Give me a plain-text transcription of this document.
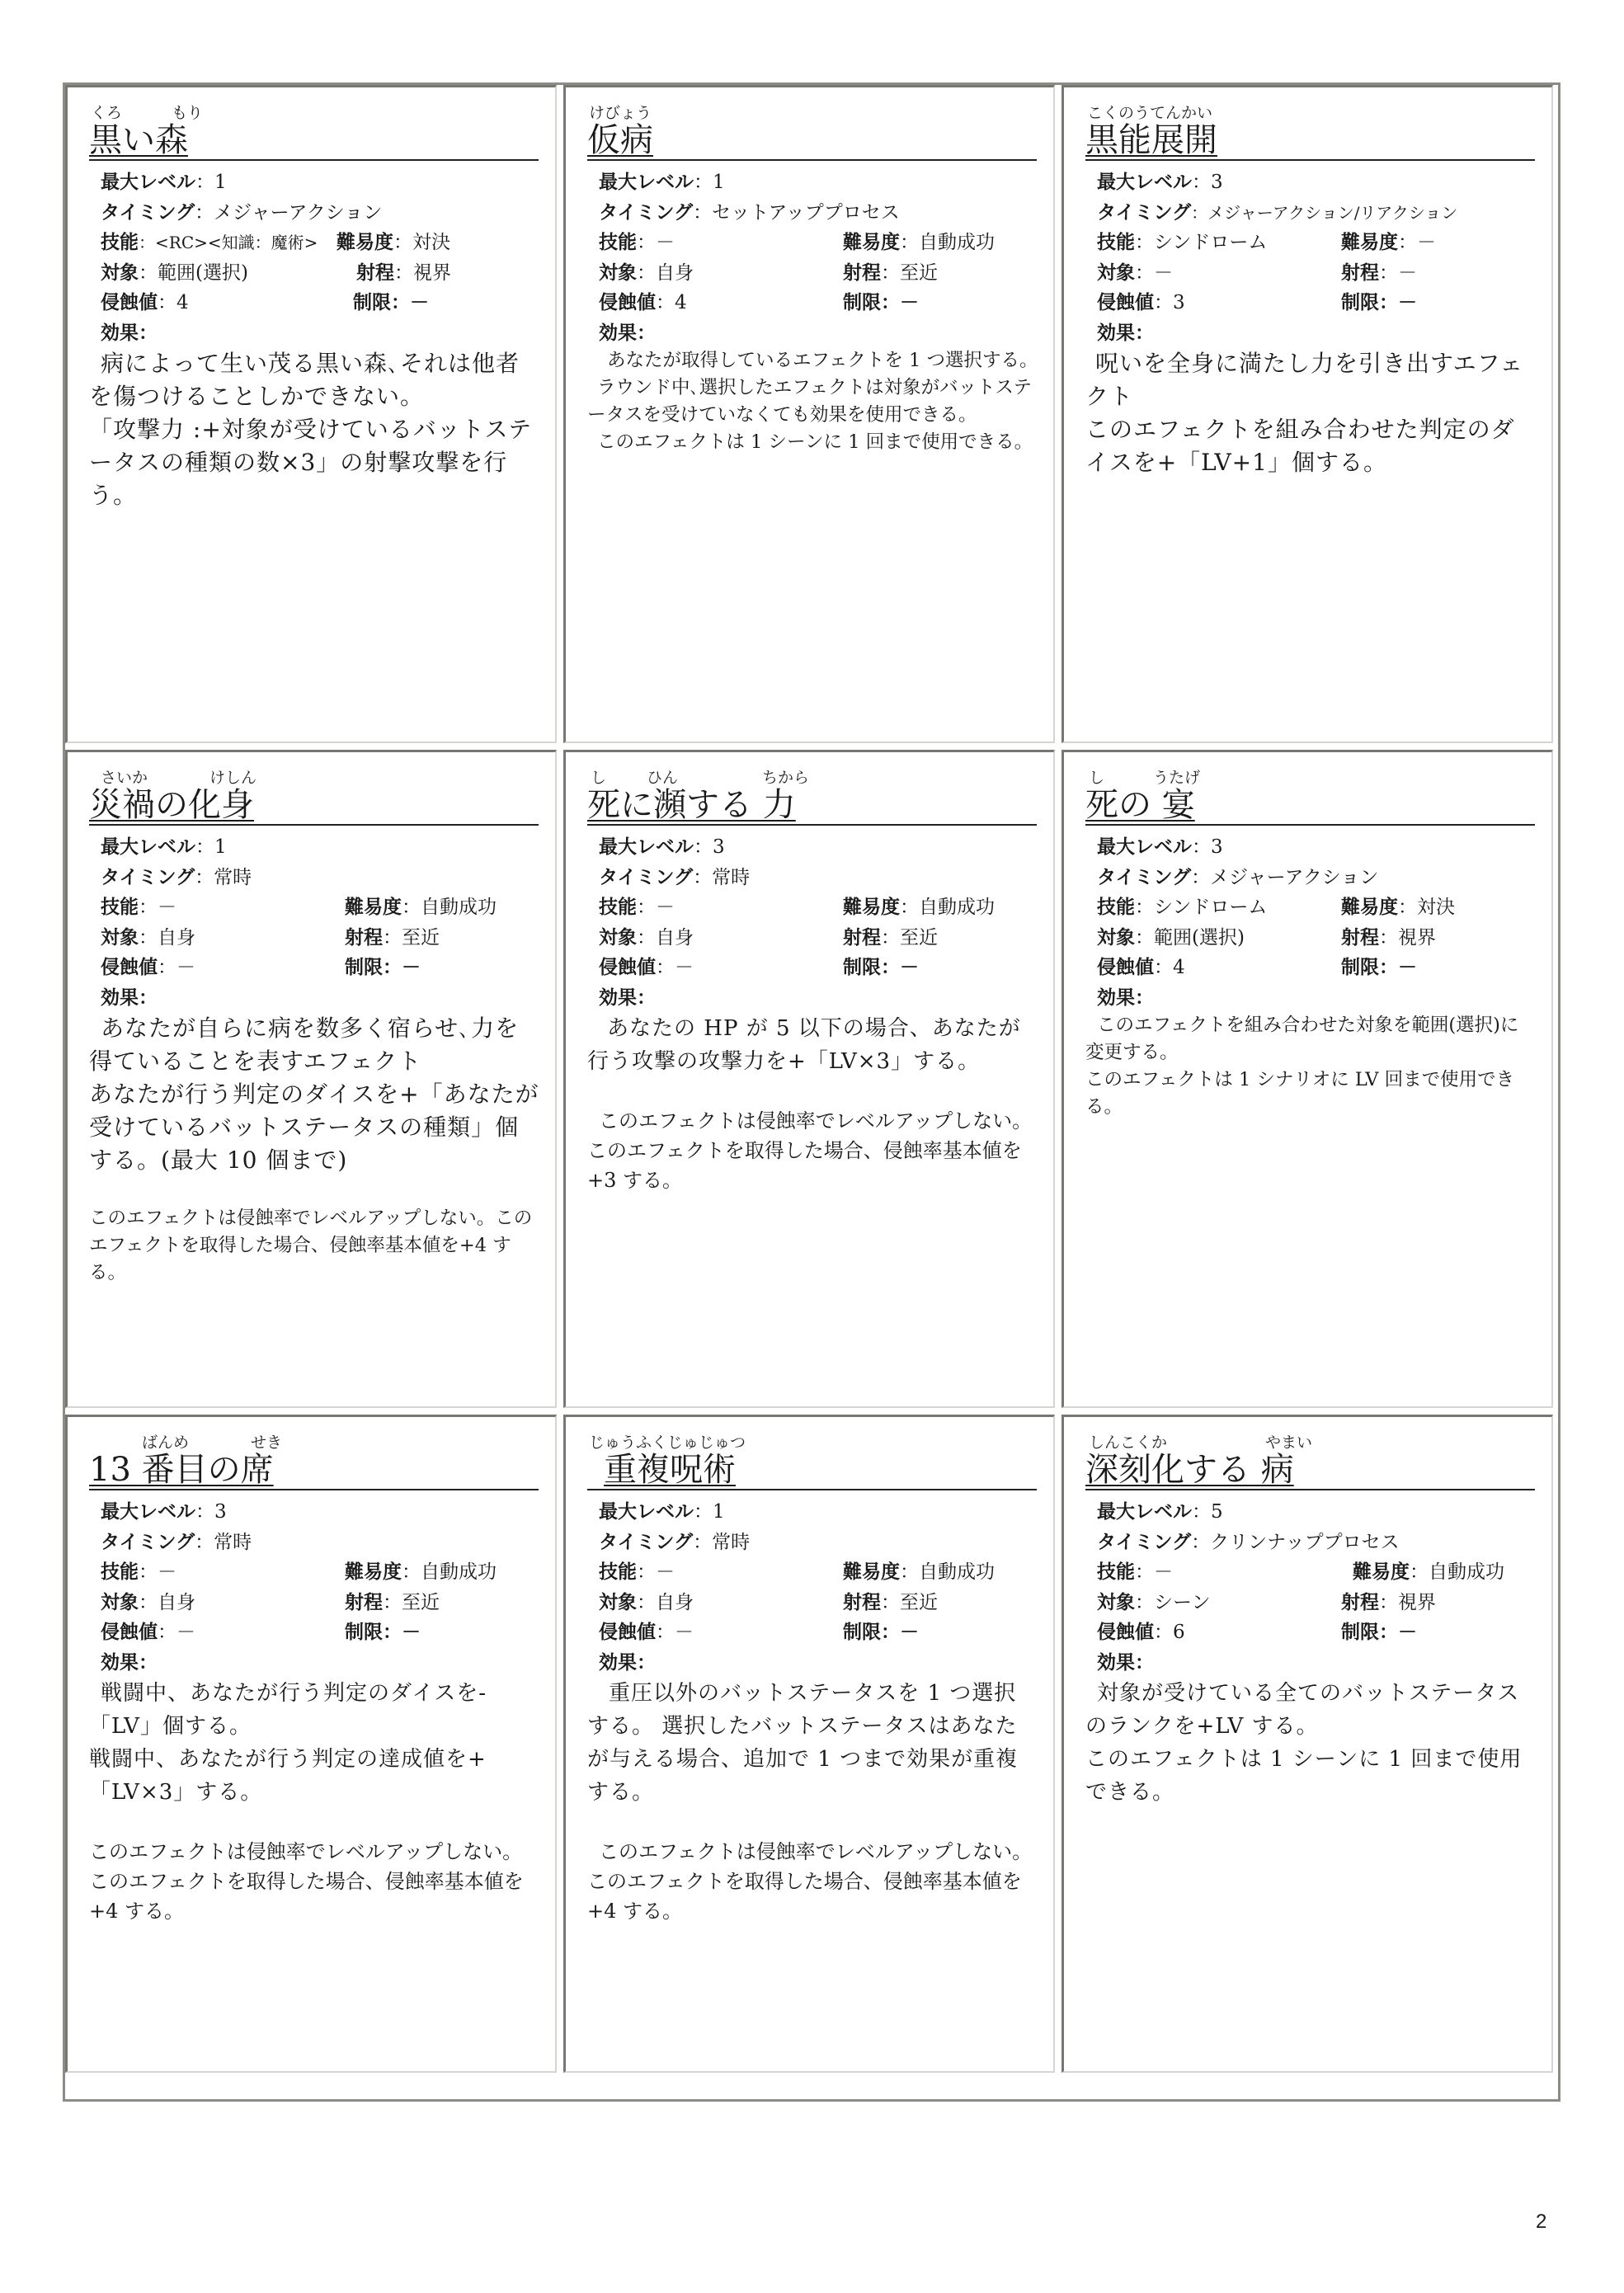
くろ	もり
黒い森
最大レベル：1
タイミング：メジャーアクション
技能：<RC><知識：魔術> 難易度：対決
対象：範囲(選択)	射程：視界
侵蝕値：4	制限：－
効果：

病によって生い茂る黒い森､それは他者を傷つけることしかできない。

「攻撃力 :+対象が受けているバットステータスの種類の数×3」の射撃攻撃を行う。

けびょう
仮病
最大レベル：1
タイミング：セットアッププロセス
技能：－	難易度：自動成功
対象：自身	射程：至近
侵蝕値：4	制限：－
効果：

あなたが取得しているエフェクトを 1 つ選択する。

ラウンド中､選択したエフェクトは対象がバットステータスを受けていなくても効果を使用できる。

このエフェクトは 1 シーンに 1 回まで使用できる。

こくのうてんかい
黒能展開
最大レベル：3
タイミング：メジャーアクション/リアクション
技能：シンドローム	難易度：－
対象：－	射程：－
侵蝕値：3	制限：－
効果：

呪いを全身に満たし力を引き出すエフェクト

このエフェクトを組み合わせた判定のダイスを+「LV+1」個する。

さいか	けしん
災禍の化身
最大レベル：1
タイミング：常時
技能：－	難易度：自動成功
対象：自身	射程：至近
侵蝕値：－	制限：－
効果：

あなたが自らに病を数多く宿らせ､力を得ていることを表すエフェクト

あなたが行う判定のダイスを+「あなたが受けているバットステータスの種類」個する。(最大 10 個まで)

このエフェクトは侵蝕率でレベルアップしない。このエフェクトを取得した場合、侵蝕率基本値を+4 する。

し	ひん	ちから
死に瀕する 力
最大レベル：3
タイミング：常時
技能：－	難易度：自動成功
対象：自身	射程：至近
侵蝕値：－	制限：－
効果：

あなたの HP が 5 以下の場合、あなたが行う攻撃の攻撃力を+「LV×3」する。

このエフェクトは侵蝕率でレベルアップしない。このエフェクトを取得した場合、侵蝕率基本値を+3 する。

し	うたげ
死の 宴
最大レベル：3
タイミング：メジャーアクション
技能：シンドローム	難易度：対決
対象：範囲(選択)	射程：視界
侵蝕値：4	制限：－
効果：

このエフェクトを組み合わせた対象を範囲(選択)に変更する。

このエフェクトは 1 シナリオに LV 回まで使用できる。

ばんめ	せき
13 番目の席
最大レベル：3
タイミング：常時
技能：－	難易度：自動成功
対象：自身	射程：至近
侵蝕値：－	制限：－
効果：

戦闘中、あなたが行う判定のダイスを-「LV」個する。

戦闘中、あなたが行う判定の達成値を+「LV×3」する。

このエフェクトは侵蝕率でレベルアップしない。このエフェクトを取得した場合、侵蝕率基本値を+4 する。

じゅうふくじゅじゅつ
重複呪術
最大レベル：1
タイミング：常時
技能：－	難易度：自動成功
対象：自身	射程：至近
侵蝕値：－	制限：－
効果：

重圧以外のバットステータスを 1 つ選択する。 選択したバットステータスはあなたが与える場合、追加で 1 つまで効果が重複する。

このエフェクトは侵蝕率でレベルアップしない。このエフェクトを取得した場合、侵蝕率基本値を+4 する。

しんこくか	やまい
深刻化する 病
最大レベル：5
タイミング：クリンナッププロセス
技能：－	難易度：自動成功
対象：シーン	射程：視界
侵蝕値：6	制限：－
効果：

対象が受けている全てのバットステータスのランクを+LV する。

このエフェクトは 1 シーンに 1 回まで使用できる。

2
